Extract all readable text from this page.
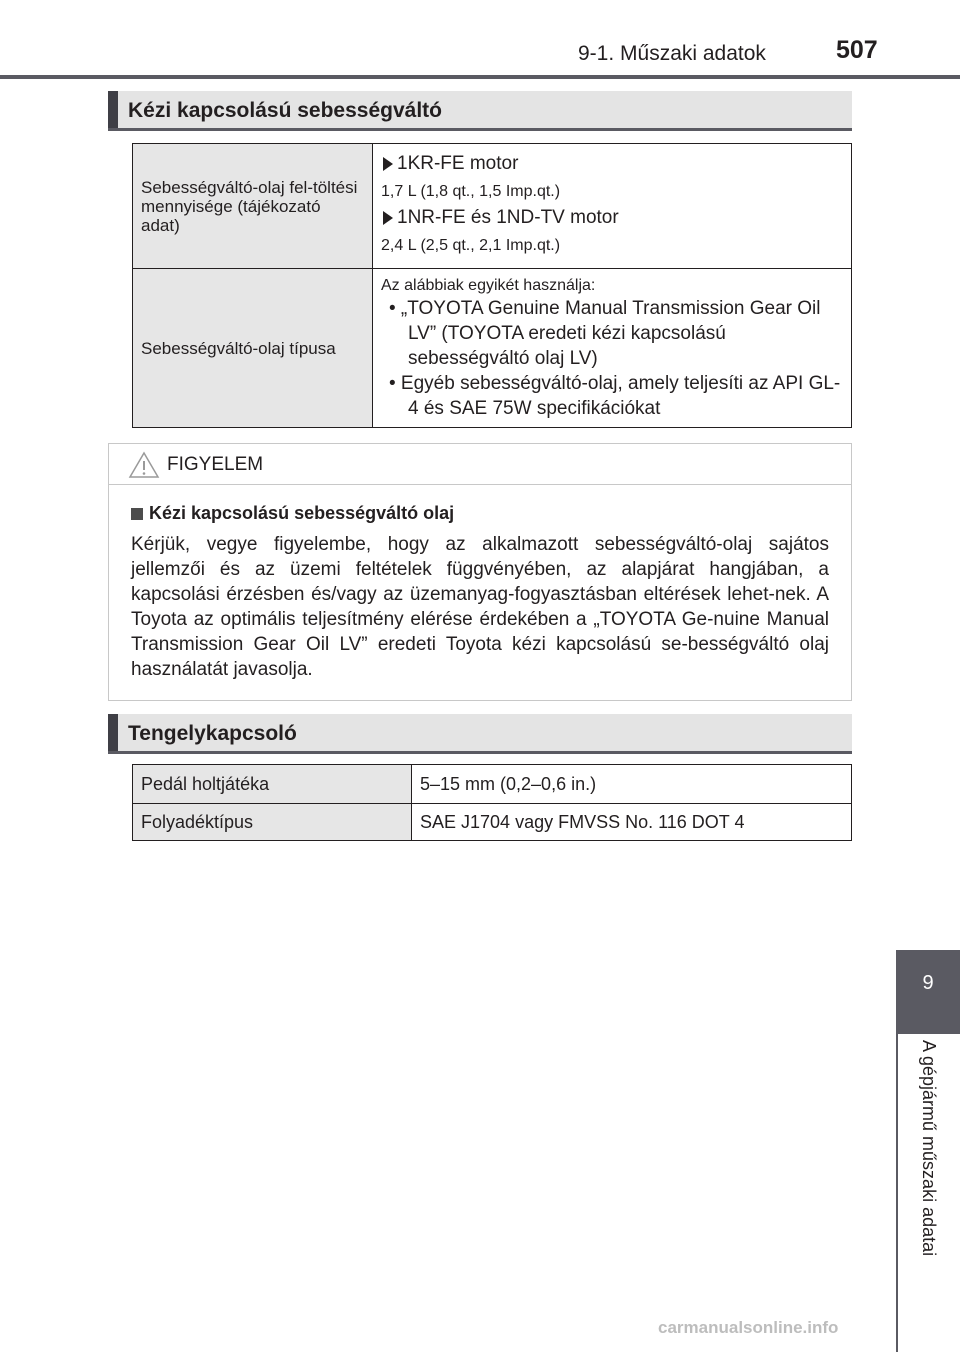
9-1. Műszaki adatok	507
Kézi kapcsolású sebességváltó
Sebességváltó-olaj fel-töltési mennyisége (tájékozató adat)	1KR-FE motor
1,7 L (1,8 qt., 1,5 Imp.qt.)
1NR-FE és 1ND-TV motor
2,4 L (2,5 qt., 2,1 Imp.qt.)

Sebességváltó-olaj típusa	Az alábbiak egyikét használja:
• „TOYOTA Genuine Manual Transmission Gear Oil LV” (TOYOTA eredeti kézi kapcsolású sebességváltó olaj LV)
• Egyéb sebességváltó-olaj, amely teljesíti az API GL-4 és SAE 75W specifikációkat
FIGYELEM
Kézi kapcsolású sebességváltó olaj
Kérjük, vegye figyelembe, hogy az alkalmazott sebességváltó-olaj sajátos jellemzői és az üzemi feltételek függvényében, az alapjárat hangjában, a kapcsolási érzésben és/vagy az üzemanyag-fogyasztásban eltérések lehet-nek. A Toyota az optimális teljesítmény elérése érdekében a „TOYOTA Ge-nuine Manual Transmission Gear Oil LV” eredeti Toyota kézi kapcsolású se-bességváltó olaj használatát javasolja.
Tengelykapcsoló
Pedál holtjátéka	5–15 mm (0,2–0,6 in.)
Folyadéktípus	SAE J1704 vagy FMVSS No. 116 DOT 4
9
A gépjármű műszaki adatai
carmanualsonline.info
